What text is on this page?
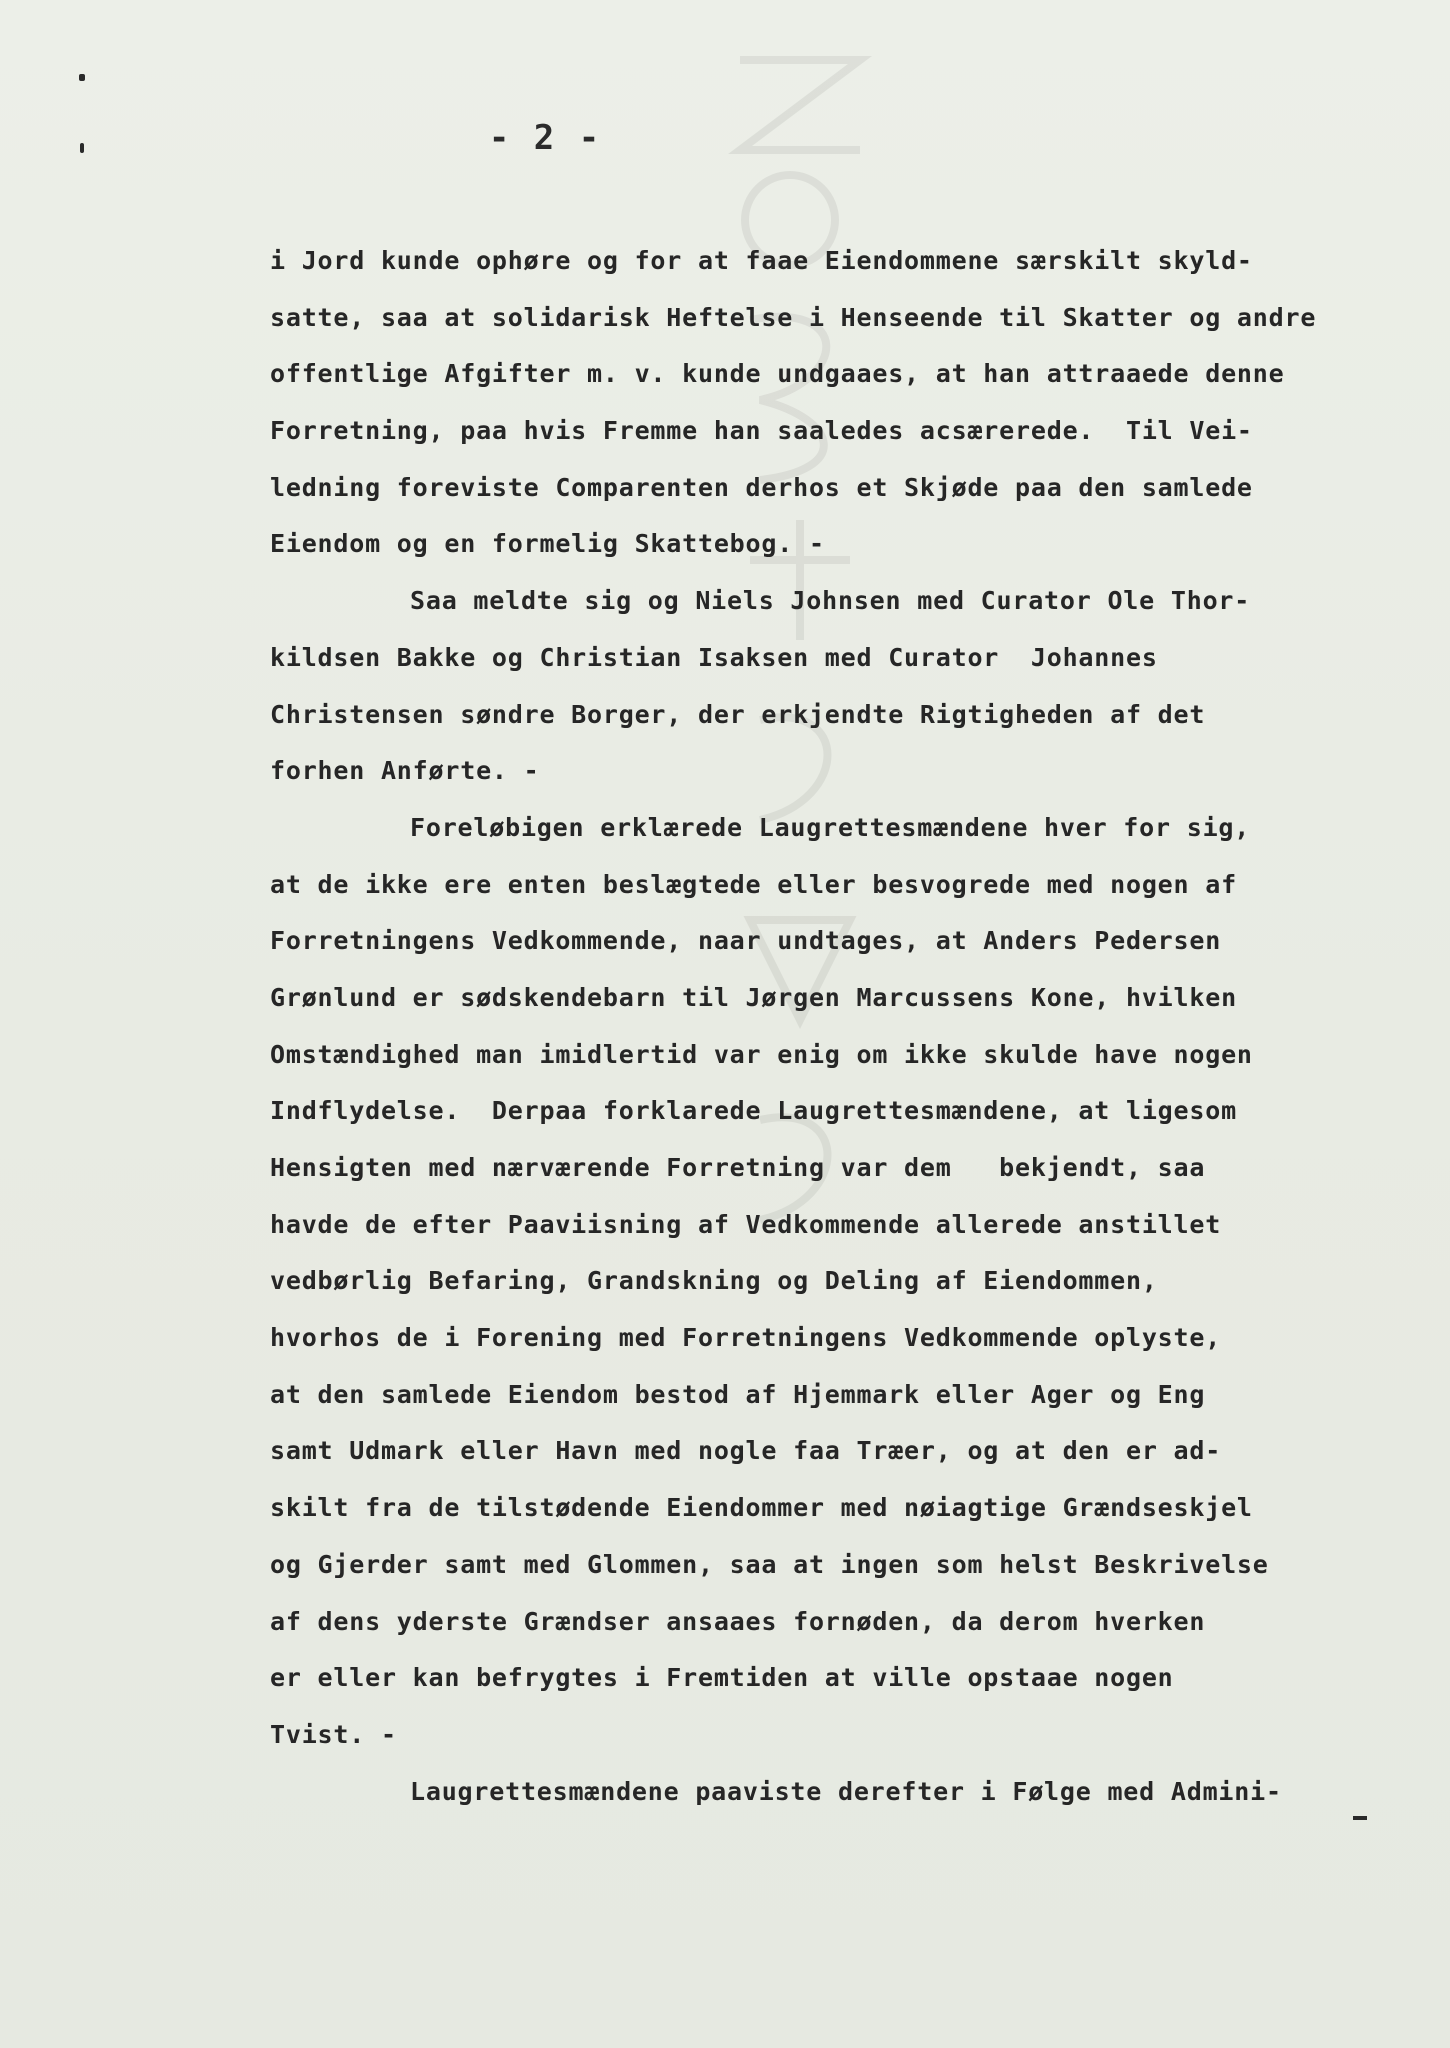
- 2 -
i Jord kunde ophøre og for at faae Eiendommene særskilt skyld-
satte, saa at solidarisk Heftelse i Henseende til Skatter og andre
offentlige Afgifter m. v. kunde undgaaes, at han attraaede denne
Forretning, paa hvis Fremme han saaledes acsærerede.  Til Vei-
ledning foreviste Comparenten derhos et Skjøde paa den samlede
Eiendom og en formelig Skattebog. -
Saa meldte sig og Niels Johnsen med Curator Ole Thor-
kildsen Bakke og Christian Isaksen med Curator  Johannes
Christensen søndre Borger, der erkjendte Rigtigheden af det
forhen Anførte. -
Foreløbigen erklærede Laugrettesmændene hver for sig,
at de ikke ere enten beslægtede eller besvogrede med nogen af
Forretningens Vedkommende, naar undtages, at Anders Pedersen
Grønlund er sødskendebarn til Jørgen Marcussens Kone, hvilken
Omstændighed man imidlertid var enig om ikke skulde have nogen
Indflydelse.  Derpaa forklarede Laugrettesmændene, at ligesom
Hensigten med nærværende Forretning var dem   bekjendt, saa
havde de efter Paaviisning af Vedkommende allerede anstillet
vedbørlig Befaring, Grandskning og Deling af Eiendommen,
hvorhos de i Forening med Forretningens Vedkommende oplyste,
at den samlede Eiendom bestod af Hjemmark eller Ager og Eng
samt Udmark eller Havn med nogle faa Træer, og at den er ad-
skilt fra de tilstødende Eiendommer med nøiagtige Grændseskjel
og Gjerder samt med Glommen, saa at ingen som helst Beskrivelse
af dens yderste Grændser ansaaes fornøden, da derom hverken
er eller kan befrygtes i Fremtiden at ville opstaae nogen
Tvist. -
Laugrettesmændene paaviste derefter i Følge med Admini-
